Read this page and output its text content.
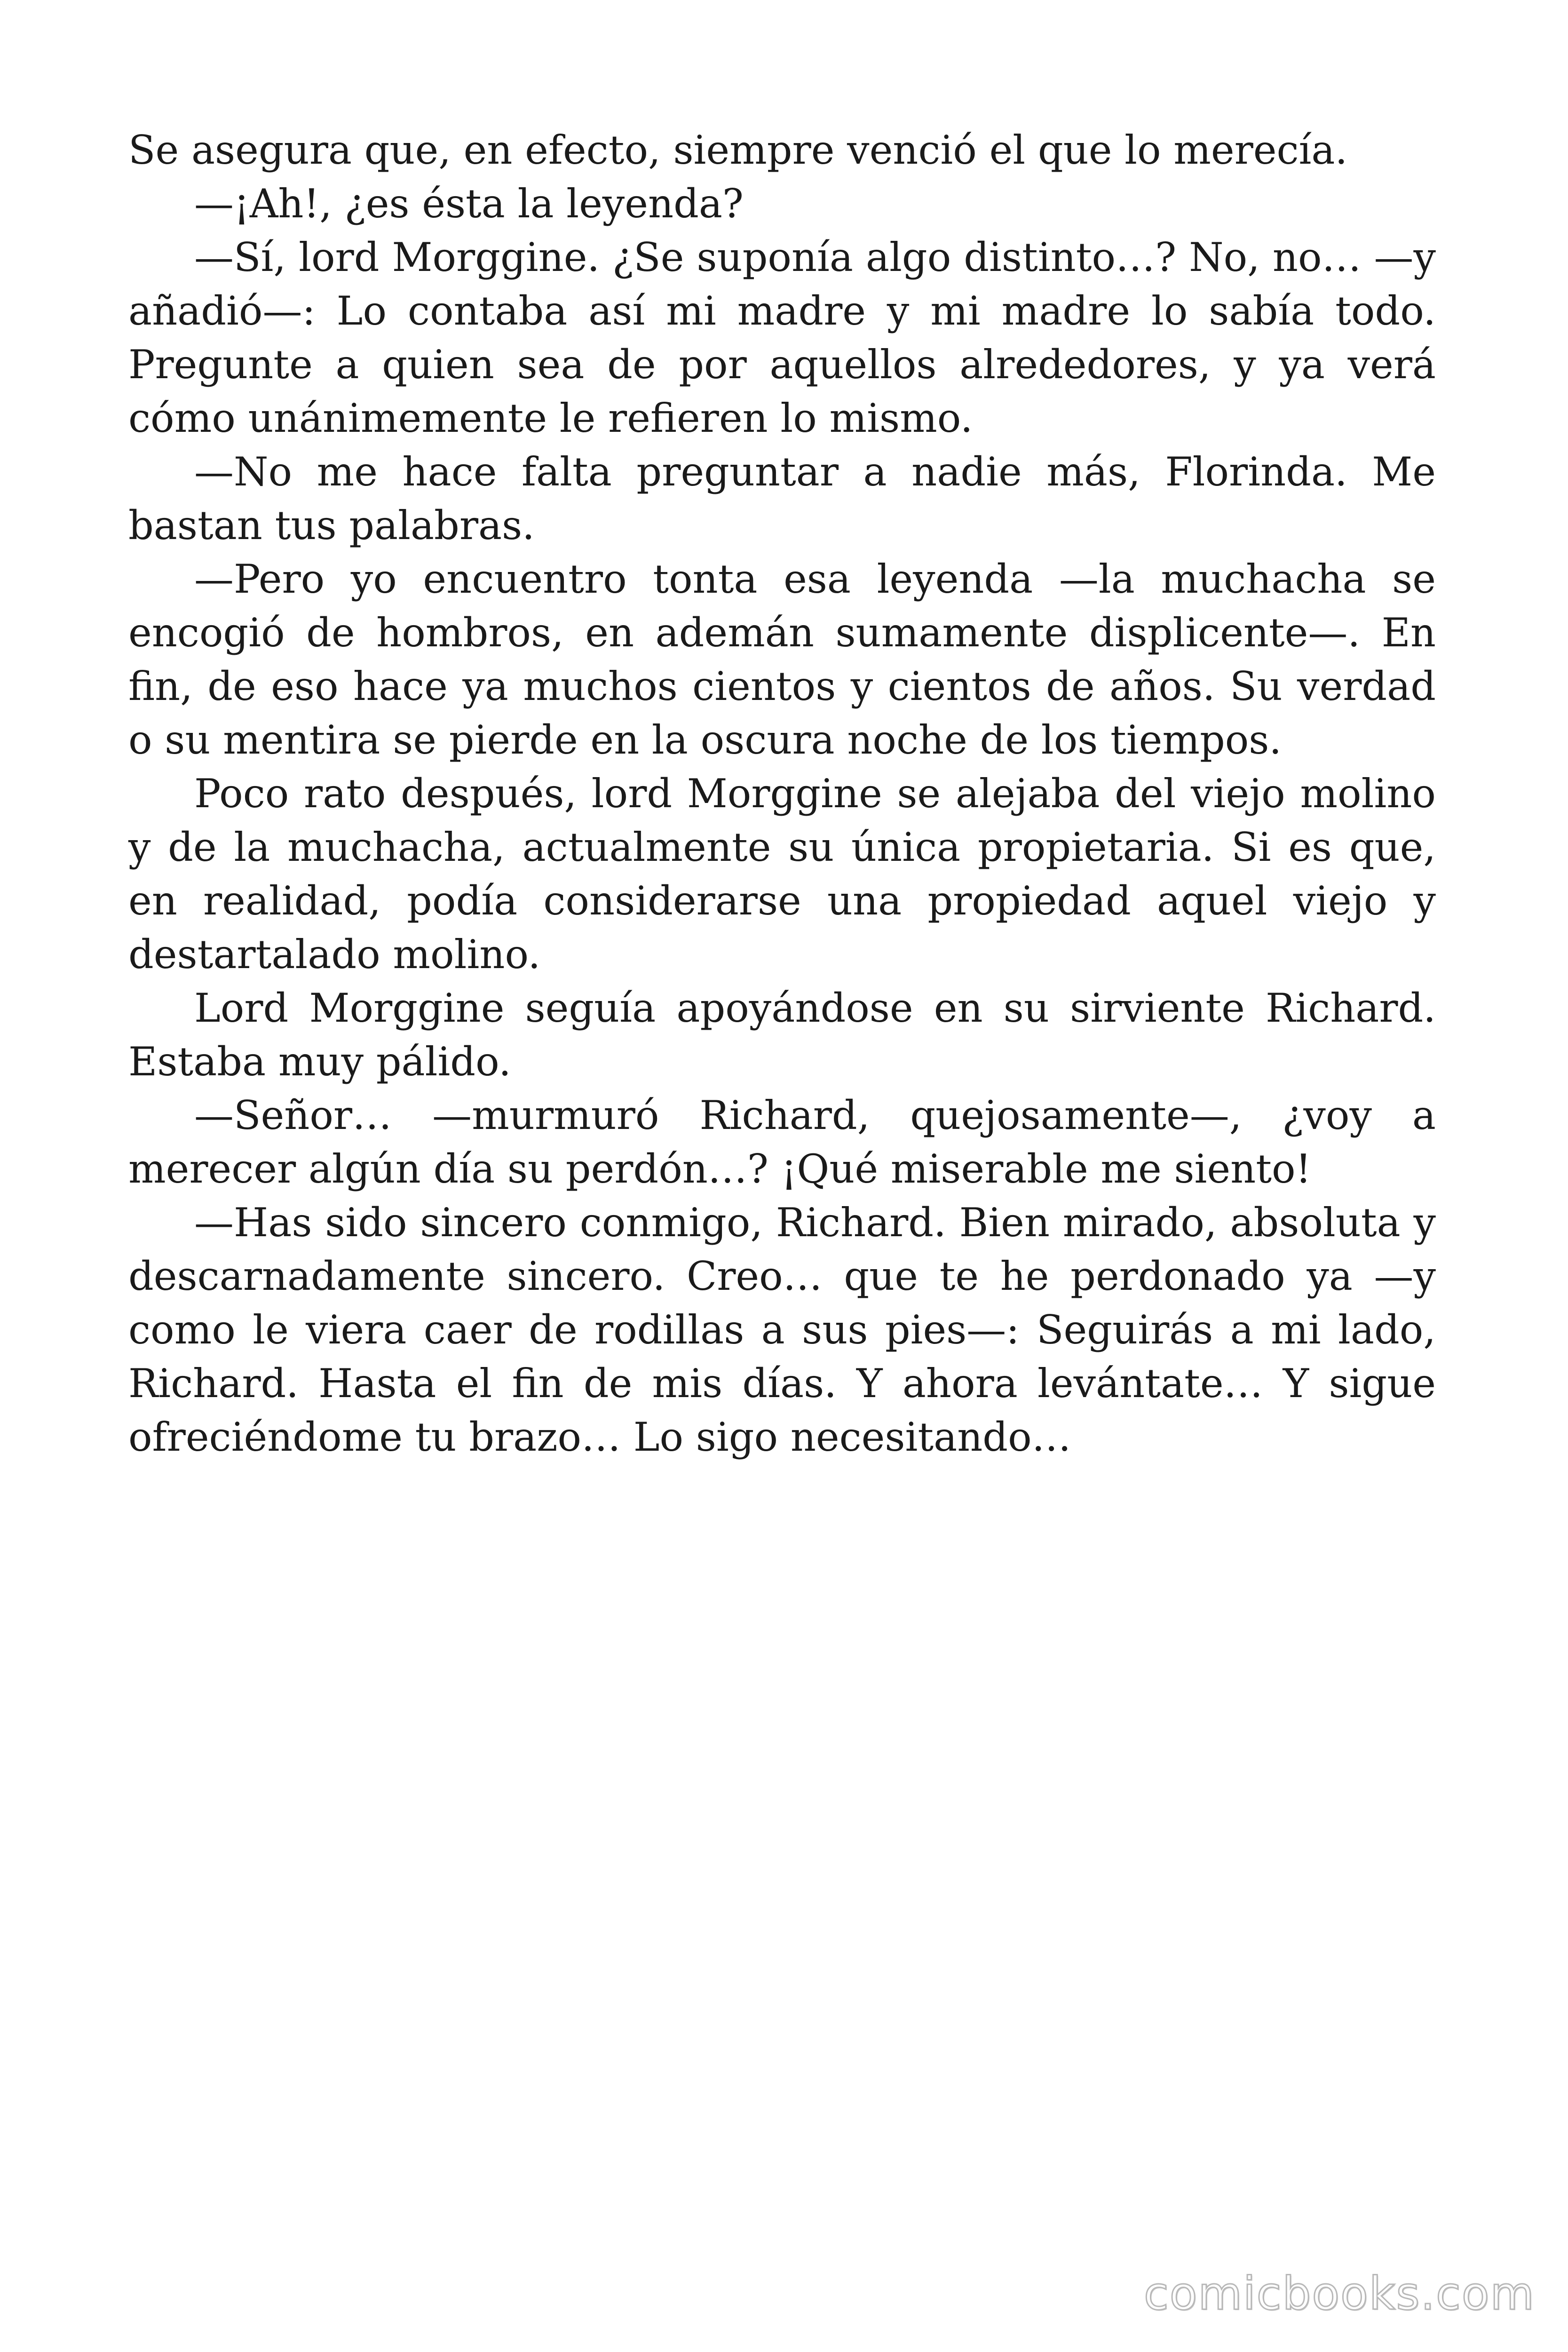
Se asegura que, en efecto, siempre venció el que lo merecía.

—¡Ah!, ¿es ésta la leyenda?

—Sí, lord Morggine. ¿Se suponía algo distinto…? No, no… —y añadió—: Lo contaba así mi madre y mi madre lo sabía todo. Pregunte a quien sea de por aquellos alrededores, y ya verá cómo unánimemente le refieren lo mismo.

—No me hace falta preguntar a nadie más, Florinda. Me bastan tus palabras.

—Pero yo encuentro tonta esa leyenda —la muchacha se encogió de hombros, en ademán sumamente displicente—. En fin, de eso hace ya muchos cientos y cientos de años. Su verdad o su mentira se pierde en la oscura noche de los tiempos.

Poco rato después, lord Morggine se alejaba del viejo molino y de la muchacha, actualmente su única propietaria. Si es que, en realidad, podía considerarse una propiedad aquel viejo y destartalado molino.

Lord Morggine seguía apoyándose en su sirviente Richard. Estaba muy pálido.

—Señor… —murmuró Richard, quejosamente—, ¿voy a merecer algún día su perdón…? ¡Qué miserable me siento!

—Has sido sincero conmigo, Richard. Bien mirado, absoluta y descarnadamente sincero. Creo… que te he perdonado ya —y como le viera caer de rodillas a sus pies—: Seguirás a mi lado, Richard. Hasta el fin de mis días. Y ahora levántate… Y sigue ofreciéndome tu brazo… Lo sigo necesitando…

comicbooks.com
